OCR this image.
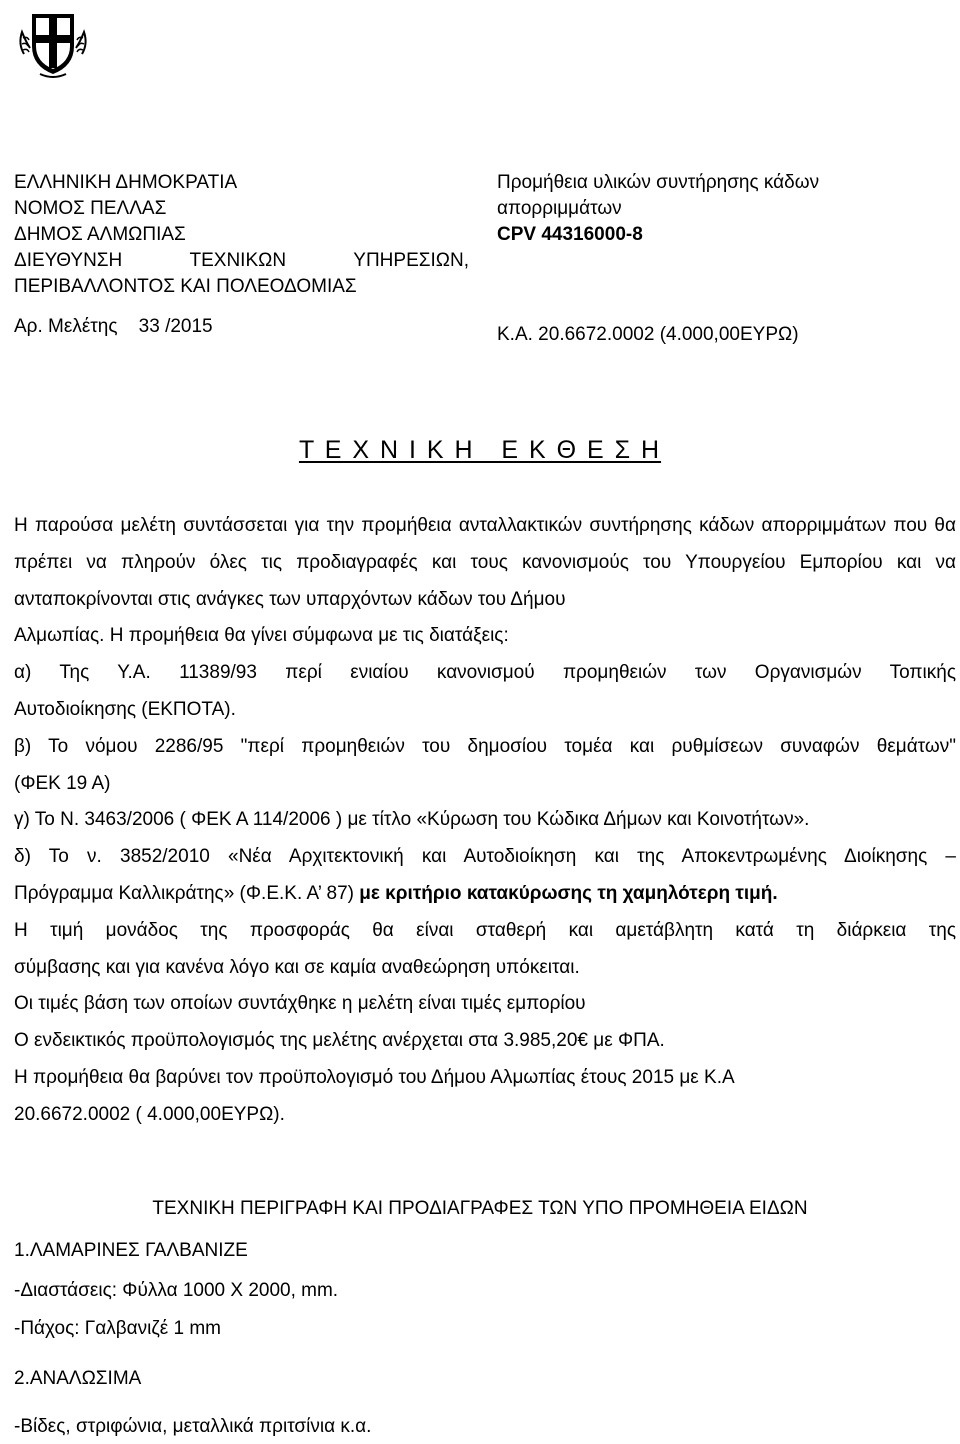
ΕΛΛΗΝΙΚΗ ΔΗΜΟΚΡΑΤΙΑ
ΝΟΜΟΣ ΠΕΛΛΑΣ
ΔΗΜΟΣ ΑΛΜΩΠΙΑΣ
ΔΙΕΥΘΥΝΣΗ	ΤΕΧΝΙΚΩΝ	ΥΠΗΡΕΣΙΩΝ,
ΠΕΡΙΒΑΛΛΟΝΤΟΣ ΚΑΙ ΠΟΛΕΟΔΟΜΙΑΣ
Προμήθεια υλικών συντήρησης κάδων
απορριμμάτων
CPV 44316000-8
Αρ. Μελέτης    33 /2015	Κ.Α. 20.6672.0002 (4.000,00ΕΥΡΩ)
Τ Ε Χ Ν Ι Κ Η   Ε Κ Θ Ε Σ Η

Η παρούσα μελέτη συντάσσεται για την προμήθεια ανταλλακτικών συντήρησης κάδων απορριμμάτων που θα πρέπει να πληρούν όλες τις προδιαγραφές και τους κανονισμούς του Υπουργείου Εμπορίου και να ανταποκρίνονται στις ανάγκες των υπαρχόντων κάδων του Δήμου

Αλμωπίας. Η προμήθεια θα γίνει σύμφωνα με τις διατάξεις:

α) Της Υ.Α. 11389/93 περί ενιαίου κανονισμού προμηθειών των Οργανισμών Τοπικής

Αυτοδιοίκησης (ΕΚΠΟΤΑ).

β) Το νόμου 2286/95 "περί προμηθειών του δημοσίου τομέα και ρυθμίσεων συναφών θεμάτων"

(ΦΕΚ 19 Α)

γ) Το Ν. 3463/2006 ( ΦΕΚ Α 114/2006 ) με τίτλο «Κύρωση του Κώδικα Δήμων και Κοινοτήτων».

δ) Το ν. 3852/2010 «Νέα Αρχιτεκτονική και Αυτοδιοίκηση και της Αποκεντρωμένης Διοίκησης –

Πρόγραμμα Καλλικράτης» (Φ.Ε.Κ. Α’ 87) με κριτήριο κατακύρωσης τη χαμηλότερη τιμή.

Η τιμή μονάδος της προσφοράς θα είναι σταθερή και αμετάβλητη κατά τη διάρκεια της

σύμβασης και για κανένα λόγο και σε καμία αναθεώρηση υπόκειται.

Οι τιμές βάση των οποίων συντάχθηκε η μελέτη είναι τιμές εμπορίου

Ο ενδεικτικός προϋπολογισμός της μελέτης ανέρχεται στα 3.985,20€ με ΦΠΑ.

Η προμήθεια θα βαρύνει τον προϋπολογισμό του Δήμου Αλμωπίας έτους 2015 με Κ.Α

20.6672.0002 ( 4.000,00ΕΥΡΩ).

ΤΕΧΝΙΚΗ ΠΕΡΙΓΡΑΦΗ ΚΑΙ ΠΡΟΔΙΑΓΡΑΦΕΣ ΤΩΝ ΥΠΟ ΠΡΟΜΗΘΕΙΑ ΕΙΔΩΝ
1.ΛΑΜΑΡΙΝΕΣ ΓΑΛΒΑΝΙΖΕ
-Διαστάσεις: Φύλλα 1000 Χ 2000, mm.
-Πάχος: Γαλβανιζέ 1 mm
2.ΑΝΑΛΩΣΙΜΑ
-Βίδες, στριφώνια, μεταλλικά πριτσίνια κ.α.
